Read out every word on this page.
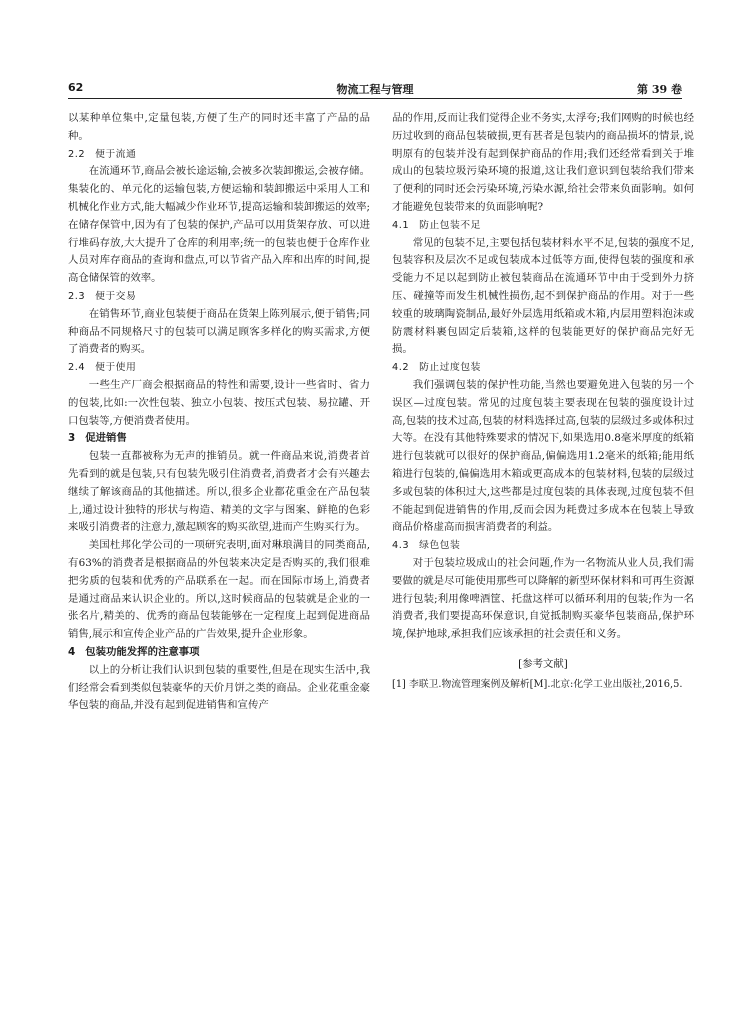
62	物流工程与管理	第 39 卷

以某种单位集中,定量包装,方便了生产的同时还丰富了产品的品种。

2.2 便于流通

在流通环节,商品会被长途运输,会被多次装卸搬运,会被存储。集装化的、单元化的运输包装,方便运输和装卸搬运中采用人工和机械化作业方式,能大幅减少作业环节,提高运输和装卸搬运的效率;在储存保管中,因为有了包装的保护,产品可以用货架存放、可以进行堆码存放,大大提升了仓库的利用率;统一的包装也便于仓库作业人员对库存商品的查询和盘点,可以节省产品入库和出库的时间,提高仓储保管的效率。

2.3 便于交易

在销售环节,商业包装便于商品在货架上陈列展示,便于销售;同种商品不同规格尺寸的包装可以满足顾客多样化的购买需求,方便了消费者的购买。

2.4 便于使用

一些生产厂商会根据商品的特性和需要,设计一些省时、省力的包装,比如:一次性包装、独立小包装、按压式包装、易拉罐、开口包装等,方便消费者使用。

3 促进销售

包装一直都被称为无声的推销员。就一件商品来说,消费者首先看到的就是包装,只有包装先吸引住消费者,消费者才会有兴趣去继续了解该商品的其他描述。所以,很多企业都花重金在产品包装上,通过设计独特的形状与构造、精美的文字与图案、鲜艳的色彩来吸引消费者的注意力,激起顾客的购买欲望,进而产生购买行为。

美国杜邦化学公司的一项研究表明,面对琳琅满目的同类商品,有63%的消费者是根据商品的外包装来决定是否购买的,我们很难把劣质的包装和优秀的产品联系在一起。而在国际市场上,消费者是通过商品来认识企业的。所以,这时候商品的包装就是企业的一张名片,精美的、优秀的商品包装能够在一定程度上起到促进商品销售,展示和宣传企业产品的广告效果,提升企业形象。

4 包装功能发挥的注意事项

以上的分析让我们认识到包装的重要性,但是在现实生活中,我们经常会看到类似包装豪华的天价月饼之类的商品。企业花重金豪华包装的商品,并没有起到促进销售和宣传产

品的作用,反而让我们觉得企业不务实,太浮夸;我们网购的时候也经历过收到的商品包装破损,更有甚者是包装内的商品损坏的情景,说明原有的包装并没有起到保护商品的作用;我们还经常看到关于堆成山的包装垃圾污染环境的报道,这让我们意识到包装给我们带来了便利的同时还会污染环境,污染水源,给社会带来负面影响。如何才能避免包装带来的负面影响呢?

4.1 防止包装不足

常见的包装不足,主要包括包装材料水平不足,包装的强度不足,包装容积及层次不足或包装成本过低等方面,使得包装的强度和承受能力不足以起到防止被包装商品在流通环节中由于受到外力挤压、碰撞等而发生机械性损伤,起不到保护商品的作用。对于一些较重的玻璃陶瓷制品,最好外层选用纸箱或木箱,内层用塑料泡沫或防震材料裹包固定后装箱,这样的包装能更好的保护商品完好无损。

4.2 防止过度包装

我们强调包装的保护性功能,当然也要避免进入包装的另一个误区—过度包装。常见的过度包装主要表现在包装的强度设计过高,包装的技术过高,包装的材料选择过高,包装的层级过多或体积过大等。在没有其他特殊要求的情况下,如果选用0.8毫米厚度的纸箱进行包装就可以很好的保护商品,偏偏选用1.2毫米的纸箱;能用纸箱进行包装的,偏偏选用木箱或更高成本的包装材料,包装的层级过多或包装的体积过大,这些都是过度包装的具体表现,过度包装不但不能起到促进销售的作用,反而会因为耗费过多成本在包装上导致商品价格虚高而损害消费者的利益。

4.3 绿色包装

对于包装垃圾成山的社会问题,作为一名物流从业人员,我们需要做的就是尽可能使用那些可以降解的新型环保材料和可再生资源进行包装;利用像啤酒筐、托盘这样可以循环利用的包装;作为一名消费者,我们要提高环保意识,自觉抵制购买豪华包装商品,保护环境,保护地球,承担我们应该承担的社会责任和义务。

[参考文献]
[1] 李联卫.物流管理案例及解析[M].北京:化学工业出版社,2016,5.
